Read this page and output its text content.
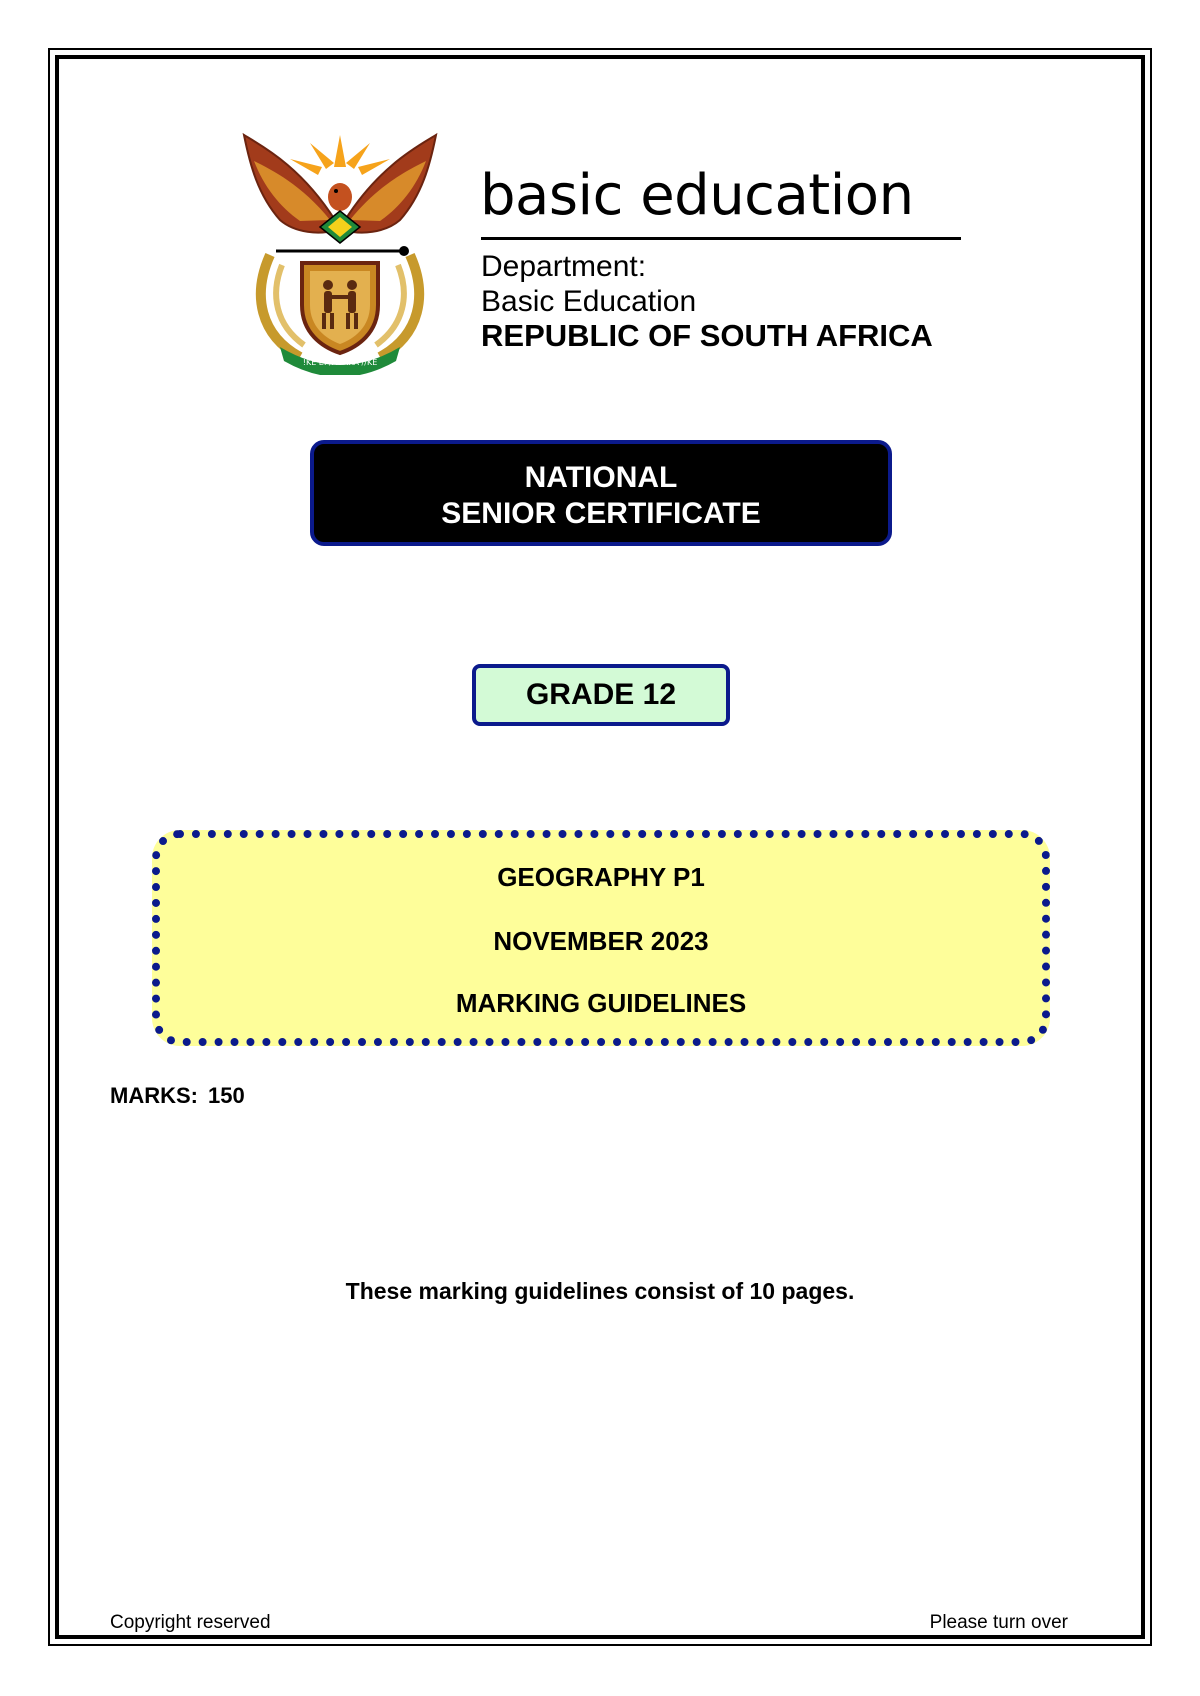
!KE E: /XARRA //KE
basic education
Department:
Basic Education
REPUBLIC OF SOUTH AFRICA
NATIONAL
SENIOR CERTIFICATE
GRADE 12
GEOGRAPHY P1
NOVEMBER 2023
MARKING GUIDELINES
MARKS: 150
These marking guidelines consist of 10 pages.
Copyright reserved	Please turn over
